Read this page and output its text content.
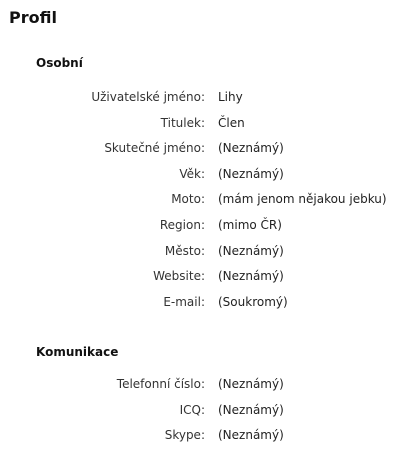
Profil
Osobní
Uživatelské jméno: Lihy
Titulek: Člen
Skutečné jméno: (Neznámý)
Věk: (Neznámý)
Moto: (mám jenom nějakou jebku)
Region: (mimo ČR)
Město: (Neznámý)
Website: (Neznámý)
E-mail: (Soukromý)
Komunikace
Telefonní číslo: (Neznámý)
ICQ: (Neznámý)
Skype: (Neznámý)
